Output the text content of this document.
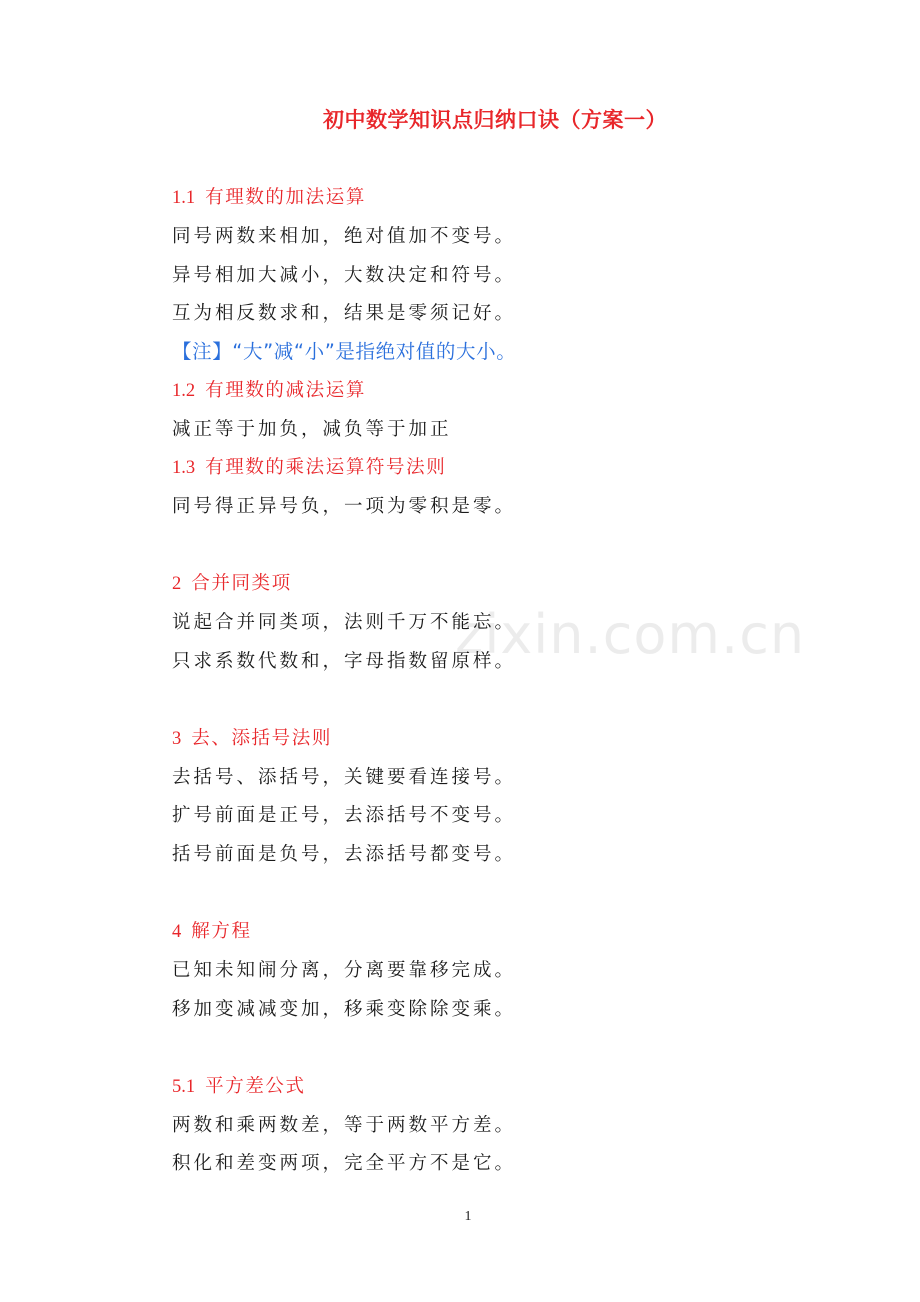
初中数学知识点归纳口诀（方案一）
1.1 有理数的加法运算
同号两数来相加，绝对值加不变号。
异号相加大减小，大数决定和符号。
互为相反数求和，结果是零须记好。
【注】“大”减“小”是指绝对值的大小。
1.2 有理数的减法运算
减正等于加负，减负等于加正
1.3 有理数的乘法运算符号法则
同号得正异号负，一项为零积是零。
2 合并同类项
说起合并同类项，法则千万不能忘。
只求系数代数和，字母指数留原样。
3 去、添括号法则
去括号、添括号，关键要看连接号。
扩号前面是正号，去添括号不变号。
括号前面是负号，去添括号都变号。
4 解方程
已知未知闹分离，分离要靠移完成。
移加变减减变加，移乘变除除变乘。
5.1 平方差公式
两数和乘两数差，等于两数平方差。
积化和差变两项，完全平方不是它。
zixin.com.cn
1
